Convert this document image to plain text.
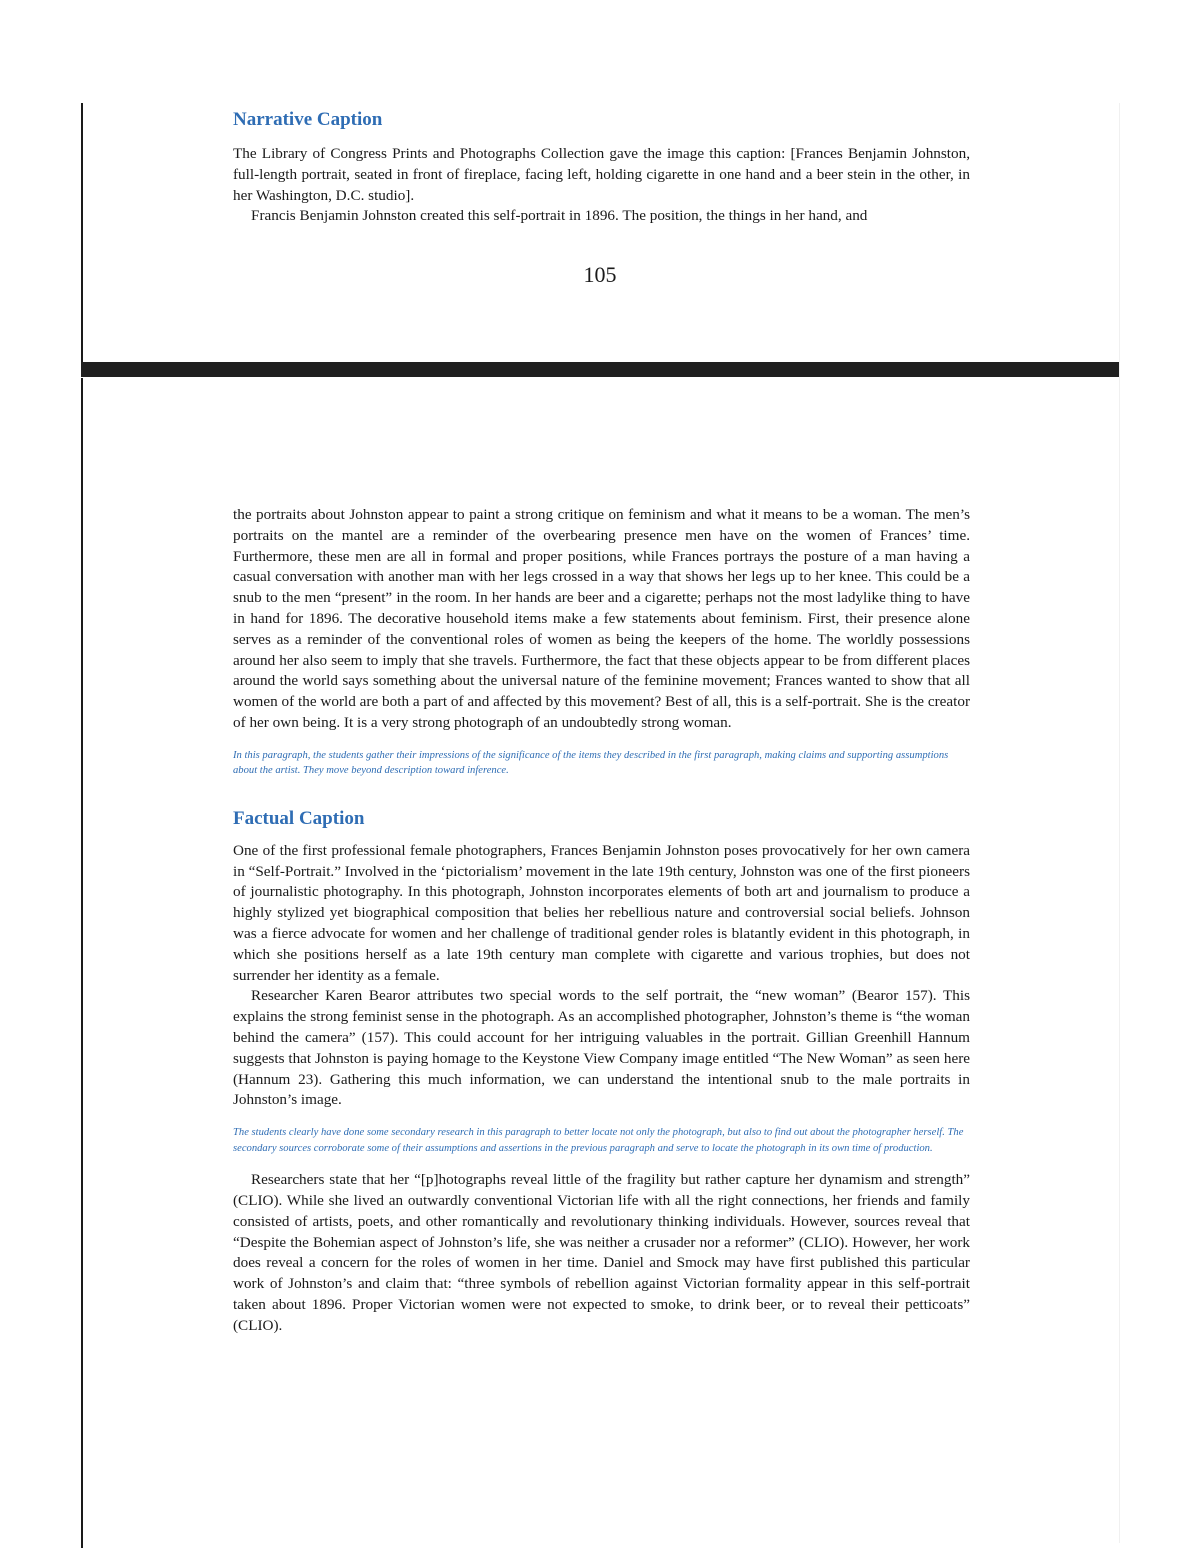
Narrative Caption

The Library of Congress Prints and Photographs Collection gave the image this caption: [Frances Benjamin Johnston, full-length portrait, seated in front of fireplace, facing left, holding cigarette in one hand and a beer stein in the other, in her Washington, D.C. studio].

Francis Benjamin Johnston created this self-portrait in 1896. The position, the things in her hand, and

105

the portraits about Johnston appear to paint a strong critique on feminism and what it means to be a woman. The men’s portraits on the mantel are a reminder of the overbearing presence men have on the women of Frances’ time. Furthermore, these men are all in formal and proper positions, while Frances portrays the posture of a man having a casual conversation with another man with her legs crossed in a way that shows her legs up to her knee. This could be a snub to the men “present” in the room. In her hands are beer and a cigarette; perhaps not the most ladylike thing to have in hand for 1896. The decorative household items make a few statements about feminism. First, their presence alone serves as a reminder of the conventional roles of women as being the keepers of the home. The worldly possessions around her also seem to imply that she travels. Furthermore, the fact that these objects appear to be from different places around the world says something about the universal nature of the feminine movement; Frances wanted to show that all women of the world are both a part of and affected by this movement? Best of all, this is a self-portrait. She is the creator of her own being. It is a very strong photograph of an undoubtedly strong woman.

In this paragraph, the students gather their impressions of the significance of the items they described in the first paragraph, making claims and supporting assumptions about the artist. They move beyond description toward inference.

Factual Caption

One of the first professional female photographers, Frances Benjamin Johnston poses provocatively for her own camera in “Self-Portrait.” Involved in the ‘pictorialism’ movement in the late 19th century, Johnston was one of the first pioneers of journalistic photography. In this photograph, Johnston incorporates elements of both art and journalism to produce a highly stylized yet biographical composition that belies her rebellious nature and controversial social beliefs. Johnson was a fierce advocate for women and her challenge of traditional gender roles is blatantly evident in this photograph, in which she positions herself as a late 19th century man complete with cigarette and various trophies, but does not surrender her identity as a female.

Researcher Karen Bearor attributes two special words to the self portrait, the “new woman” (Bearor 157). This explains the strong feminist sense in the photograph. As an accomplished photographer, Johnston’s theme is “the woman behind the camera” (157). This could account for her intriguing valuables in the portrait. Gillian Greenhill Hannum suggests that Johnston is paying homage to the Keystone View Company image entitled “The New Woman” as seen here (Hannum 23). Gathering this much information, we can understand the intentional snub to the male portraits in Johnston’s image.

The students clearly have done some secondary research in this paragraph to better locate not only the photograph, but also to find out about the photographer herself. The secondary sources corroborate some of their assumptions and assertions in the previous paragraph and serve to locate the photograph in its own time of production.

Researchers state that her “[p]hotographs reveal little of the fragility but rather capture her dynamism and strength” (CLIO). While she lived an outwardly conventional Victorian life with all the right connections, her friends and family consisted of artists, poets, and other romantically and revolutionary thinking individuals. However, sources reveal that “Despite the Bohemian aspect of Johnston’s life, she was neither a crusader nor a reformer” (CLIO). However, her work does reveal a concern for the roles of women in her time. Daniel and Smock may have first published this particular work of Johnston’s and claim that: “three symbols of rebellion against Victorian formality appear in this self-portrait taken about 1896. Proper Victorian women were not expected to smoke, to drink beer, or to reveal their petticoats” (CLIO).
